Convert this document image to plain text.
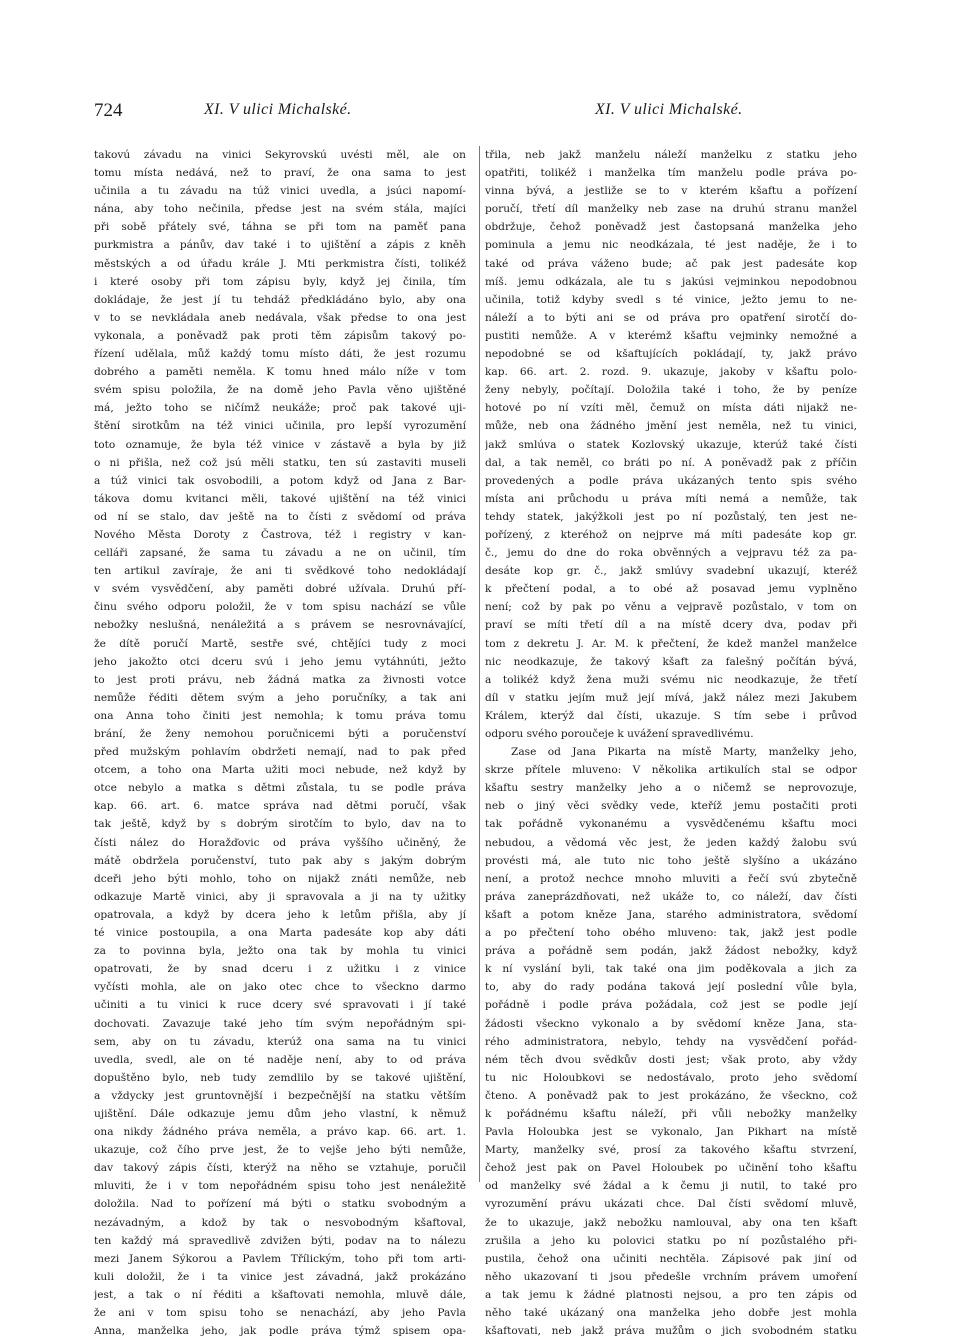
724	XI. V ulici Michalské.	XI. V ulici Michalské.
takovú závadu na vinici Sekyrovskú uvésti měl, ale on
tomu místa nedává, než to praví, že ona sama to jest
učinila a tu závadu na túž vinici uvedla, a jsúci napomí-
nána, aby toho nečinila, předse jest na svém stála, majíci
při sobě přátely své, táhna se při tom na paměť pana
purkmistra a pánův, dav také i to ujištění a zápis z kněh
městských a od úřadu krále J. Mti perkmistra čísti, tolikéž
i které osoby při tom zápisu byly, když jej činila, tím
dokládaje, že jest jí tu tehdáž předkládáno bylo, aby ona
v to se nevkládala aneb nedávala, však předse to ona jest
vykonala, a poněvadž pak proti těm zápisům takový po-
řízení udělala, můž každý tomu místo dáti, že jest rozumu
dobrého a paměti neměla. K tomu hned málo níže v tom
svém spisu položila, že na domě jeho Pavla věno ujištěné
má, ježto toho se ničímž neukáže; proč pak takové uji-
štění sirotkům na též vinici učinila, pro lepší vyrozumění
toto oznamuje, že byla též vinice v zástavě a byla by již
o ni přišla, než což jsú měli statku, ten sú zastaviti museli
a túž vinici tak osvobodili, a potom když od Jana z Bar-
tákova domu kvitanci měli, takové ujištění na též vinici
od ní se stalo, dav ještě na to čísti z svědomí od práva
Nového Města Doroty z Častrova, též i registry v kan-
celláři zapsané, že sama tu závadu a ne on učinil, tím
ten artikul zavíraje, že ani ti svědkové toho nedokládají
v svém vysvědčení, aby paměti dobré užívala. Druhú pří-
činu svého odporu položil, že v tom spisu nachází se vůle
nebožky neslušná, nenáležitá a s právem se nesrovnávající,
že dítě poručí Martě, sestře své, chtějíci tudy z moci
jeho jakožto otci dceru svú i jeho jemu vytáhnúti, ježto
to jest proti právu, neb žádná matka za živnosti votce
nemůže řéditi dětem svým a jeho poručníky, a tak ani
ona Anna toho činiti jest nemohla; k tomu práva tomu
brání, že ženy nemohou poručnicemi býti a poručenství
před mužským pohlavím obdržeti nemají, nad to pak před
otcem, a toho ona Marta užiti moci nebude, než když by
otce nebylo a matka s dětmi zůstala, tu se podle práva
kap. 66. art. 6. matce správa nad dětmi poručí, však
tak ještě, když by s dobrým sirotčím to bylo, dav na to
čísti nález do Horažďovic od práva vyššího učiněný, že
mátě obdržela poručenství, tuto pak aby s jakým dobrým
dceři jeho býti mohlo, toho on nijakž znáti nemůže, neb
odkazuje Martě vinici, aby ji spravovala a ji na ty užitky
opatrovala, a když by dcera jeho k letům přišla, aby jí
té vinice postoupila, a ona Marta padesáte kop aby dáti
za to povinna byla, ježto ona tak by mohla tu vinici
opatrovati, že by snad dceru i z užitku i z vinice
vyčísti mohla, ale on jako otec chce to všeckno darmo
učiniti a tu vinici k ruce dcery své spravovati i jí také
dochovati. Zavazuje také jeho tím svým nepořádným spi-
sem, aby on tu závadu, kterúž ona sama na tu vinici
uvedla, svedl, ale on té naděje není, aby to od práva
dopuštěno bylo, neb tudy zemdlilo by se takové ujištění,
a vždycky jest gruntovnější i bezpečnější na statku větším
ujištění. Dále odkazuje jemu dům jeho vlastní, k němuž
ona nikdy žádného práva neměla, a právo kap. 66. art. 1.
ukazuje, což čího prve jest, že to vejše jeho býti nemůže,
dav takový zápis čísti, kterýž na něho se vztahuje, poručil
mluviti, že i v tom nepořádném spisu toho jest nenáležitě
doložila. Nad to pořízení má býti o statku svobodným a
nezávadným, a kdož by tak o nesvobodným kšaftoval,
ten každý má spravedlivě zdvižen býti, podav na to nálezu
mezi Janem Sýkorou a Pavlem Třílickým, toho při tom arti-
kuli doložil, že i ta vinice jest závadná, jakž prokázáno
jest, a tak o ní řéditi a kšaftovati nemohla, mluvě dále,
že ani v tom spisu toho se nenachází, aby jeho Pavla
Anna, manželka jeho, jak podle práva týmž spisem opa-
třila, neb jakž manželu náleží manželku z statku jeho
opatřiti, tolikéž i manželka tím manželu podle práva po-
vinna bývá, a jestliže se to v kterém kšaftu a pořízení
poručí, třetí díl manželky neb zase na druhú stranu manžel
obdržuje, čehož poněvadž jest častopsaná manželka jeho
pominula a jemu nic neodkázala, té jest naděje, že i to
také od práva váženo bude; ač pak jest padesáte kop
míš. jemu odkázala, ale tu s jakúsi vejminkou nepodobnou
učinila, totiž kdyby svedl s té vinice, ježto jemu to ne-
náleží a to býti ani se od práva pro opatření sirotčí do-
pustiti nemůže. A v kterémž kšaftu vejminky nemožné a
nepodobné se od kšaftujících pokládají, ty, jakž právo
kap. 66. art. 2. rozd. 9. ukazuje, jakoby v kšaftu polo-
ženy nebyly, počítají. Doložila také i toho, že by peníze
hotové po ní vzíti měl, čemuž on místa dáti nijakž ne-
může, neb ona žádného jmění jest neměla, než tu vinici,
jakž smlúva o statek Kozlovský ukazuje, kterúž také čísti
dal, a tak neměl, co bráti po ní. A poněvadž pak z příčin
provedených a podle práva ukázaných tento spis svého
místa ani průchodu u práva míti nemá a nemůže, tak
tehdy statek, jakýžkoli jest po ní pozůstalý, ten jest ne-
pořízený, z kteréhož on nejprve má míti padesáte kop gr.
č., jemu do dne do roka obvěnných a vejpravu též za pa-
desáte kop gr. č., jakž smlúvy svadební ukazují, kteréž
k přečtení podal, a to obé až posavad jemu vyplněno
není; což by pak po věnu a vejpravě pozůstalo, v tom on
praví se míti třetí díl a na místě dcery dva, podav při
tom z dekretu J. Ar. M. k přečtení, že kdež manžel manželce
nic neodkazuje, že takový kšaft za falešný počítán bývá,
a tolikéž když žena muži svému nic neodkazuje, že třetí
díl v statku jejím muž její mívá, jakž nález mezi Jakubem
Králem, kterýž dal čísti, ukazuje. S tím sebe i průvod
odporu svého poroučeje k uvážení spravedlivému.
Zase od Jana Pikarta na místě Marty, manželky jeho,
skrze přítele mluveno: V několika artikulích stal se odpor
kšaftu sestry manželky jeho a o ničemž se neprovozuje,
neb o jiný věci svědky vede, kteříž jemu postačiti proti
tak pořádně vykonanému a vysvědčenému kšaftu moci
nebudou, a vědomá věc jest, že jeden každý žalobu svú
provésti má, ale tuto nic toho ještě slyšíno a ukázáno
není, a protož nechce mnoho mluviti a řečí svú zbytečně
práva zaneprázdňovati, než ukáže to, co náleží, dav čísti
kšaft a potom kněze Jana, starého administratora, svědomí
a po přečtení toho obého mluveno: tak, jakž jest podle
práva a pořádně sem podán, jakž žádost nebožky, když
k ní vyslání byli, tak také ona jim poděkovala a jich za
to, aby do rady podána taková její poslední vůle byla,
pořádně i podle práva požádala, což jest se podle její
žádosti všeckno vykonalo a by svědomí kněze Jana, sta-
rého administratora, nebylo, tehdy na vysvědčení pořád-
ném těch dvou svědkův dosti jest; však proto, aby vždy
tu nic Holoubkovi se nedostávalo, proto jeho svědomí
čteno. A poněvadž pak to jest prokázáno, že všeckno, což
k pořádnému kšaftu náleží, při vůli nebožky manželky
Pavla Holoubka jest se vykonalo, Jan Pikhart na místě
Marty, manželky své, prosí za takového kšaftu stvrzení,
čehož jest pak on Pavel Holoubek po učinění toho kšaftu
od manželky své žádal a k čemu ji nutil, to také pro
vyrozumění právu ukázati chce. Dal čísti svědomí mluvě,
že to ukazuje, jakž nebožku namlouval, aby ona ten kšaft
zrušila a jeho ku polovici statku po ní pozůstalého při-
pustila, čehož ona učiniti nechtěla. Zápisové pak jiní od
něho ukazovaní ti jsou předešle vrchním právem umoření
a tak jemu k žádné platnosti nejsou, a pro ten zápis od
něho také ukázaný ona manželka jeho dobře jest mohla
kšaftovati, neb jakž práva mužům o jich svobodném statku
